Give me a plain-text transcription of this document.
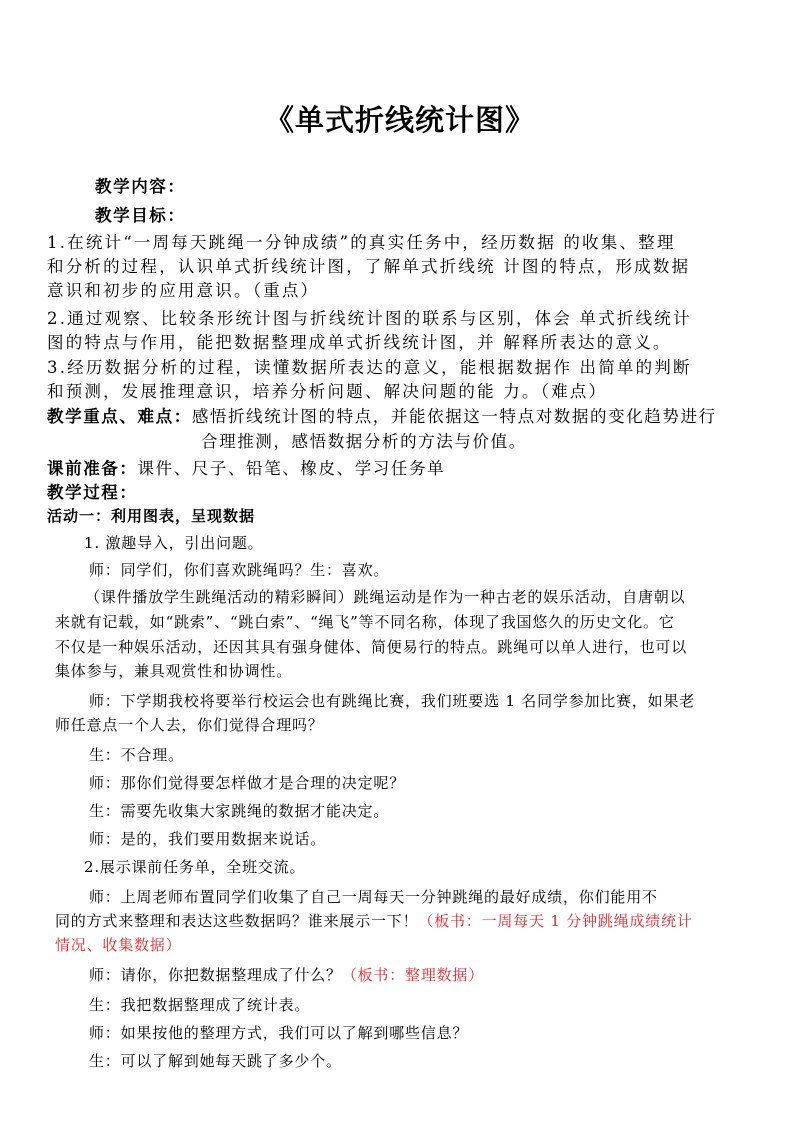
《单式折线统计图》
教学内容：
教学目标：
1.在统计“一周每天跳绳一分钟成绩”的真实任务中，经历数据 的收集、整理
和分析的过程，认识单式折线统计图，了解单式折线统 计图的特点，形成数据
意识和初步的应用意识。（重点）
2.通过观察、比较条形统计图与折线统计图的联系与区别，体会 单式折线统计
图的特点与作用，能把数据整理成单式折线统计图，并 解释所表达的意义。
3.经历数据分析的过程，读懂数据所表达的意义，能根据数据作 出简单的判断
和预测，发展推理意识，培养分析问题、解决问题的能 力。（难点）
教学重点、难点：感悟折线统计图的特点，并能依据这一特点对数据的变化趋势进行
合理推测，感悟数据分析的方法与价值。
课前准备：课件、尺子、铅笔、橡皮、学习任务单
教学过程：
活动一：利用图表，呈现数据
1. 激趣导入，引出问题。
师：同学们，你们喜欢跳绳吗？生：喜欢。
（课件播放学生跳绳活动的精彩瞬间）跳绳运动是作为一种古老的娱乐活动，自唐朝以
来就有记载，如“跳索”、“跳白索”、“绳飞”等不同名称，体现了我国悠久的历史文化。它
不仅是一种娱乐活动，还因其具有强身健体、简便易行的特点。跳绳可以单人进行，也可以
集体参与，兼具观赏性和协调性。
师：下学期我校将要举行校运会也有跳绳比赛，我们班要选 1 名同学参加比赛，如果老
师任意点一个人去，你们觉得合理吗？
生：不合理。
师：那你们觉得要怎样做才是合理的决定呢？
生：需要先收集大家跳绳的数据才能决定。
师：是的，我们要用数据来说话。
2.展示课前任务单，全班交流。
师：上周老师布置同学们收集了自己一周每天一分钟跳绳的最好成绩，你们能用不
同的方式来整理和表达这些数据吗？谁来展示一下！（板书：一周每天 1 分钟跳绳成绩统计
情况、收集数据）
师：请你，你把数据整理成了什么？（板书：整理数据）
生：我把数据整理成了统计表。
师：如果按他的整理方式，我们可以了解到哪些信息？
生：可以了解到她每天跳了多少个。
